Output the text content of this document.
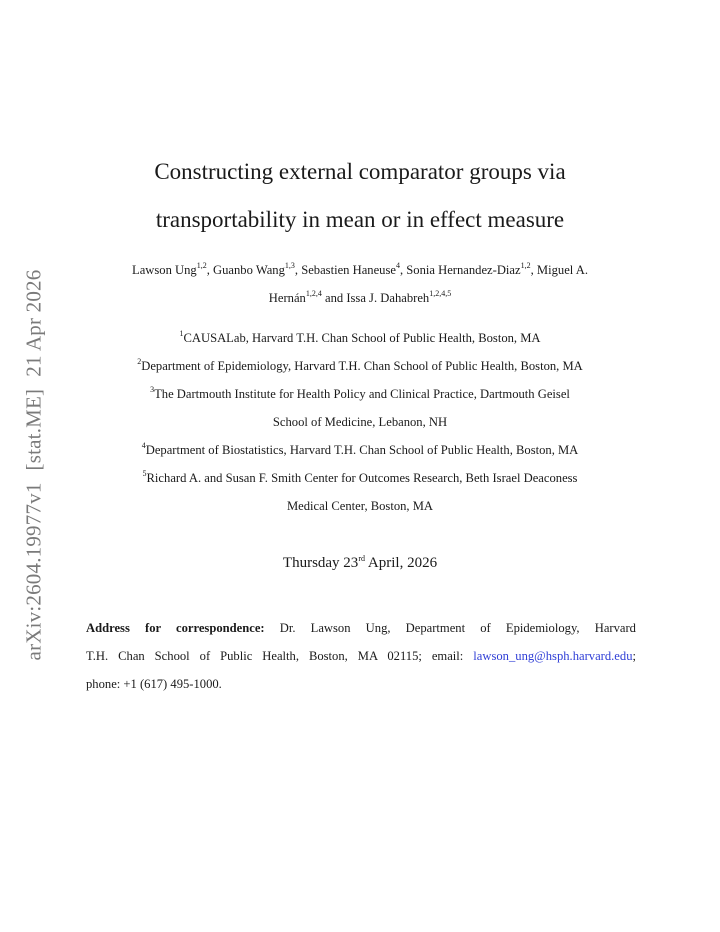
arXiv:2604.19977v1[stat.ME]21 Apr 2026
Constructing external comparator groups via
transportability in mean or in effect measure
Lawson Ung$^{1,2}$, Guanbo Wang$^{1,3}$, Sebastien Haneuse$^4$, Sonia Hernandez-Diaz$^{1,2}$, Miguel A.
Hernán$^{1,2,4}$ and Issa J. Dahabreh$^{1,2,4,5}$
$^1$CAUSALab, Harvard T.H. Chan School of Public Health, Boston, MA
$^2$Department of Epidemiology, Harvard T.H. Chan School of Public Health, Boston, MA
$^3$The Dartmouth Institute for Health Policy and Clinical Practice, Dartmouth Geisel
School of Medicine, Lebanon, NH
$^4$Department of Biostatistics, Harvard T.H. Chan School of Public Health, Boston, MA
$^5$Richard A. and Susan F. Smith Center for Outcomes Research, Beth Israel Deaconess
Medical Center, Boston, MA
Thursday 23rd April, 2026
Address for correspondence: Dr. Lawson Ung, Department of Epidemiology, Harvard
T.H. Chan School of Public Health, Boston, MA 02115; email: lawson_ung@hsph.harvard.edu;
phone: +1 (617) 495-1000.
